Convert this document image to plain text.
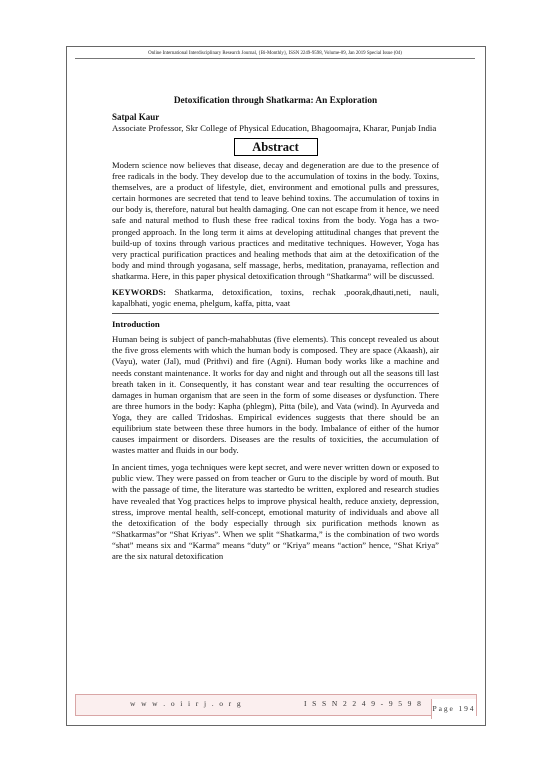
Online International Interdisciplinary Research Journal, {Bi-Monthly}, ISSN 2249-9598, Volume-09, Jan 2019 Special Issue (04)
Detoxification through Shatkarma: An Exploration
Satpal Kaur
Associate Professor, Skr College of Physical Education, Bhagoomajra, Kharar, Punjab India
Abstract

Modern science now believes that disease, decay and degeneration are due to the presence of free radicals in the body. They develop due to the accumulation of toxins in the body. Toxins, themselves, are a product of lifestyle, diet, environment and emotional pulls and pressures, certain hormones are secreted that tend to leave behind toxins. The accumulation of toxins in our body is, therefore, natural but health damaging. One can not escape from it hence, we need safe and natural method to flush these free radical toxins from the body. Yoga has a two-pronged approach. In the long term it aims at developing attitudinal changes that prevent the build-up of toxins through various practices and meditative techniques. However, Yoga has very practical purification practices and healing methods that aim at the detoxification of the body and mind through yogasana, self massage, herbs, meditation, pranayama, reflection and shatkarma. Here, in this paper physical detoxification through “Shatkarma” will be discussed.

KEYWORDS: Shatkarma, detoxification, toxins, rechak ,poorak,dhauti,neti, nauli, kapalbhati, yogic enema, phelgum, kaffa, pitta, vaat

Introduction

Human being is subject of panch-mahabhutas (five elements). This concept revealed us about the five gross elements with which the human body is composed. They are space (Akaash), air (Vayu), water (Jal), mud (Prithvi) and fire (Agni). Human body works like a machine and needs constant maintenance. It works for day and night and through out all the seasons till last breath taken in it. Consequently, it has constant wear and tear resulting the occurrences of damages in human organism that are seen in the form of some diseases or dysfunction. There are three humors in the body: Kapha (phlegm), Pitta (bile), and Vata (wind). In Ayurveda and Yoga, they are called Tridoshas. Empirical evidences suggests that there should be an equilibrium state between these three humors in the body. Imbalance of either of the humor causes impairment or disorders. Diseases are the results of toxicities, the accumulation of wastes matter and fluids in our body.

In ancient times, yoga techniques were kept secret, and were never written down or exposed to public view. They were passed on from teacher or Guru to the disciple by word of mouth. But with the passage of time, the literature was startedto be written, explored and research studies have revealed that Yog practices helps to improve physical health, reduce anxiety, depression, stress, improve mental health, self-concept, emotional maturity of individuals and above all the detoxification of the body especially through six purification methods known as “Shatkarmas”or “Shat Kriyas”. When we split “Shatkarma,” is the combination of two words “shat” means six and “Karma” means “duty” or “Kriya” means “action” hence, “Shat Kriya” are the six natural detoxification

w w w . o i i r j . o r g	I S S N 2 2 4 9 - 9 5 9 8
Page 194
